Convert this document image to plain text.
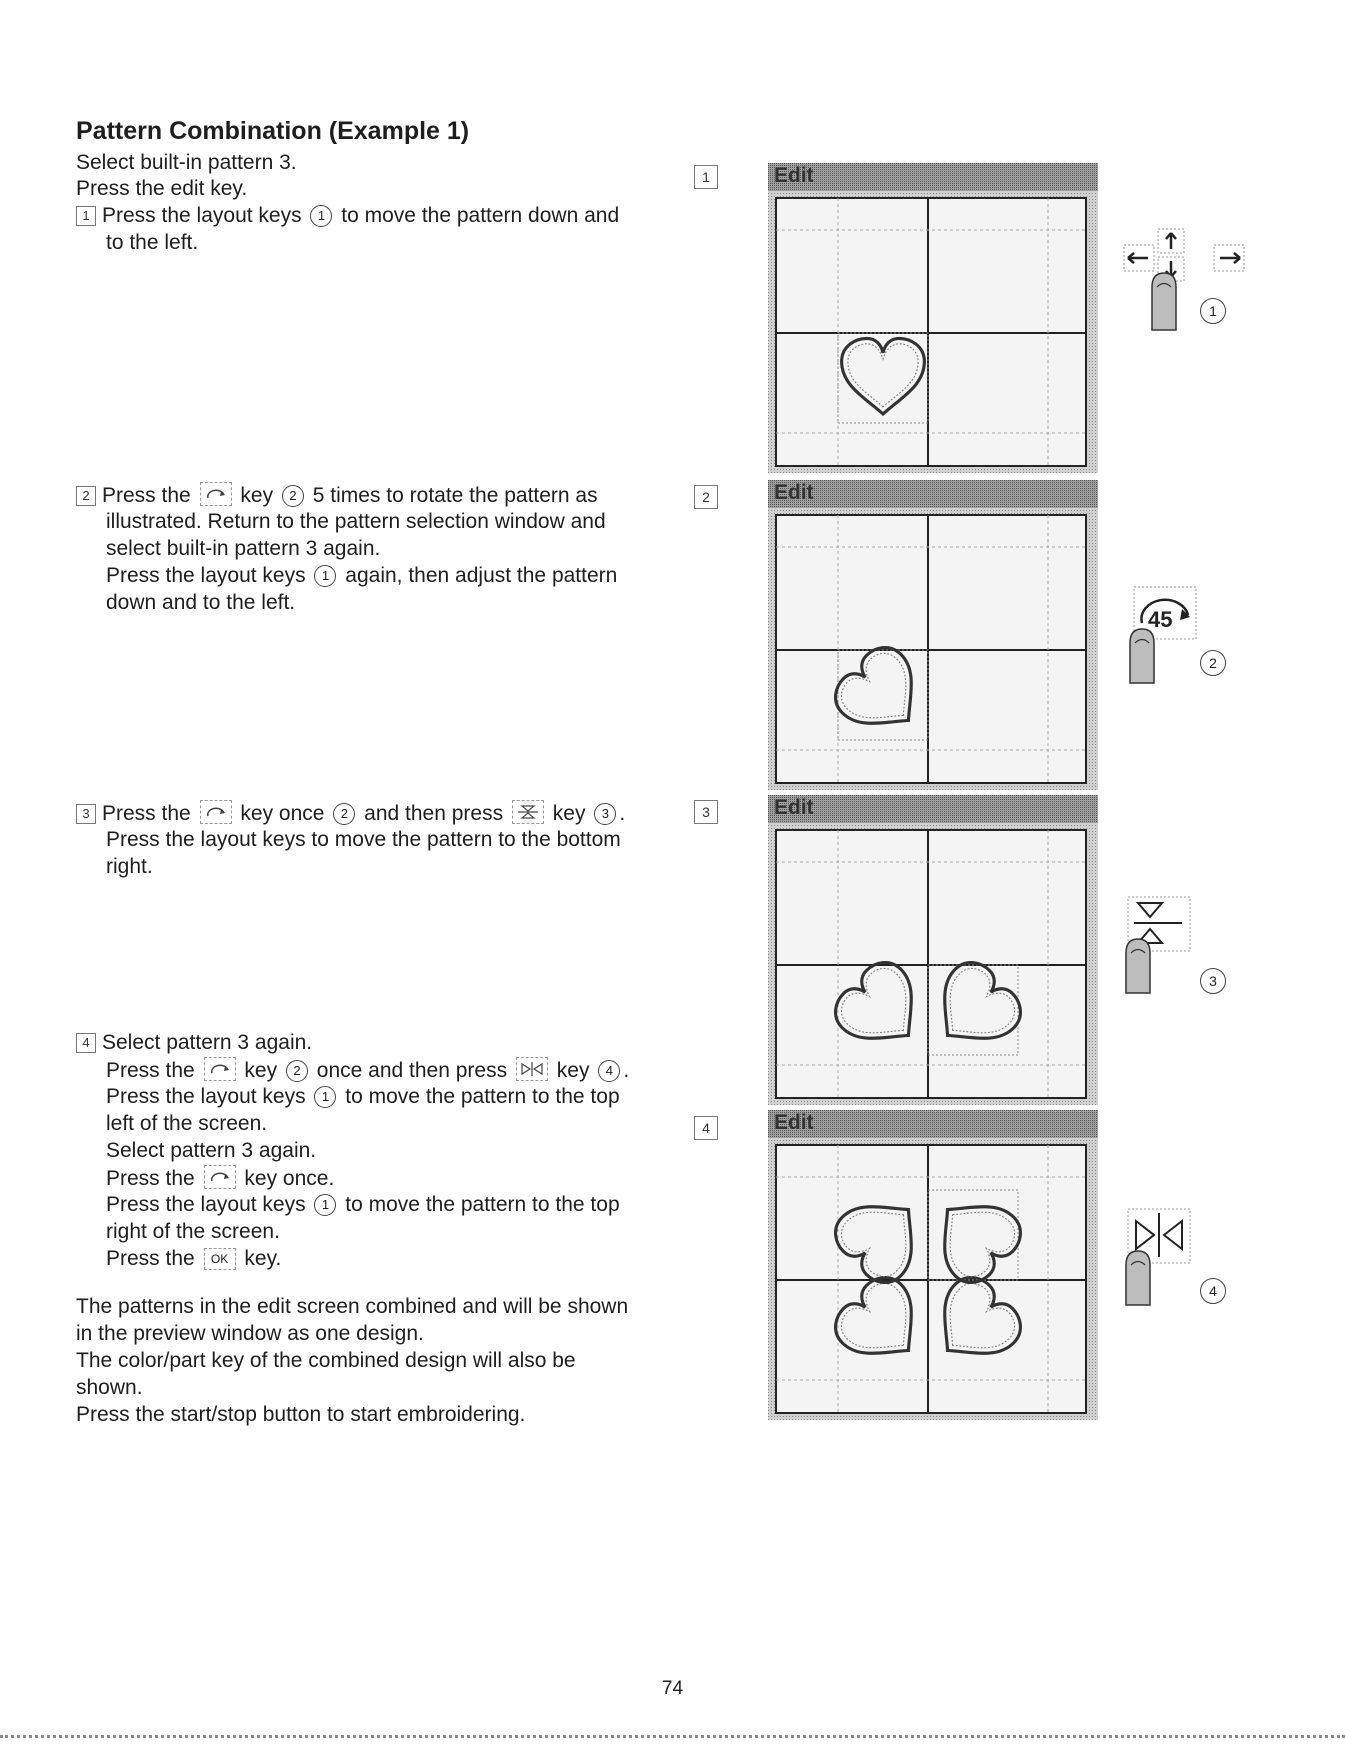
Pattern Combination (Example 1)
Select built-in pattern 3.
Press the edit key.
1 Press the layout keys 1 to move the pattern down and
to the left.
2 Press the key 2 5 times to rotate the pattern as
illustrated. Return to the pattern selection window and
select built-in pattern 3 again.
Press the layout keys 1 again, then adjust the pattern
down and to the left.
3 Press the key once 2 and then press key 3 .
Press the layout keys to move the pattern to the bottom
right.
4 Select pattern 3 again.
Press the key 2 once and then press key 4 .
Press the layout keys 1 to move the pattern to the top
left of the screen.
Select pattern 3 again.
Press the key once.
Press the layout keys 1 to move the pattern to the top
right of the screen.
Press the OK key.
The patterns in the edit screen combined and will be shown
in the preview window as one design.
The color/part key of the combined design will also be
shown.
Press the start/stop button to start embroidering.
1
2
3
4
Edit
Edit
Edit
Edit
1
45
2
3
4
74
